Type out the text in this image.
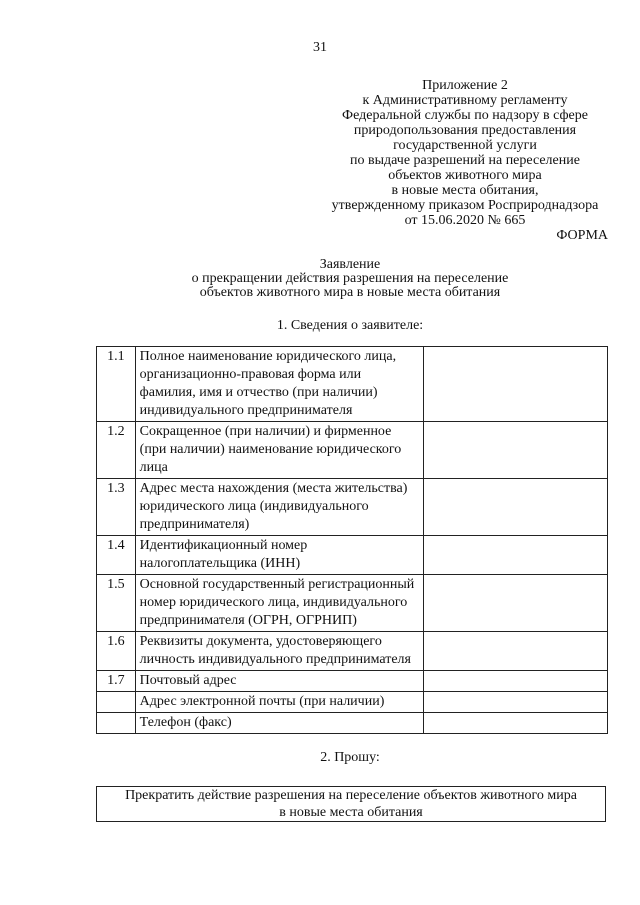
31
Приложение 2
к Административному регламенту
Федеральной службы по надзору в сфере
природопользования предоставления
государственной услуги
по выдаче разрешений на переселение
объектов животного мира
в новые места обитания,
утвержденному приказом Росприроднадзора
от 15.06.2020 № 665
ФОРМА
Заявление
о прекращении действия разрешения на переселение
объектов животного мира в новые места обитания
1. Сведения о заявителе:
1.1	Полное наименование юридического лица, организационно-правовая форма или фамилия, имя и отчество (при наличии) индивидуального предпринимателя	
1.2	Сокращенное (при наличии) и фирменное (при наличии) наименование юридического лица	
1.3	Адрес места нахождения (места жительства) юридического лица (индивидуального предпринимателя)	
1.4	Идентификационный номер налогоплательщика (ИНН)	
1.5	Основной государственный регистрационный номер юридического лица, индивидуального предпринимателя (ОГРН, ОГРНИП)	
1.6	Реквизиты документа, удостоверяющего личность индивидуального предпринимателя	
1.7	Почтовый адрес	
	Адрес электронной почты (при наличии)	
	Телефон (факс)	
2. Прошу:
Прекратить действие разрешения на переселение объектов животного мира
в новые места обитания
